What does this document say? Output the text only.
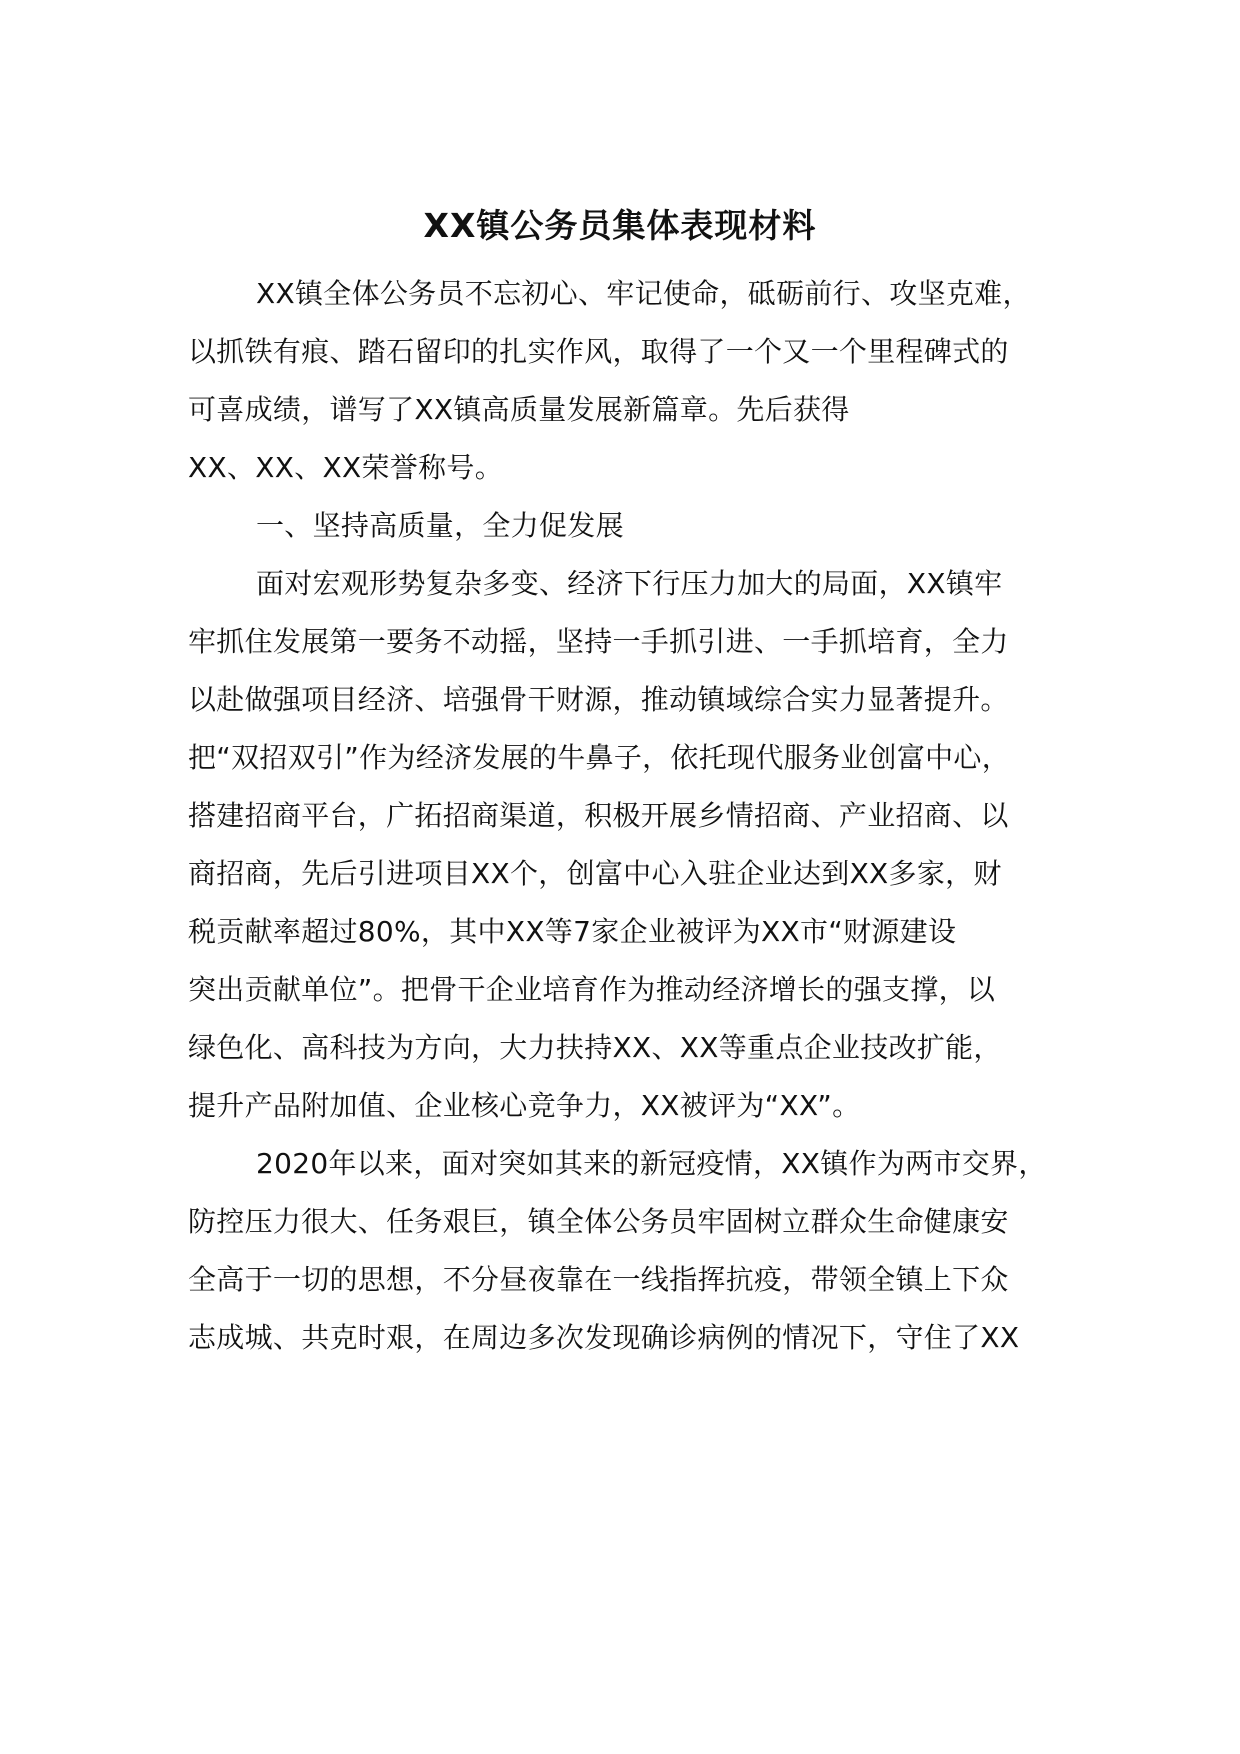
XX镇公务员集体表现材料
XX镇全体公务员不忘初心、牢记使命，砥砺前行、攻坚克难，
以抓铁有痕、踏石留印的扎实作风，取得了一个又一个里程碑式的
可喜成绩，谱写了XX镇高质量发展新篇章。先后获得
XX、XX、XX荣誉称号。
一、坚持高质量，全力促发展
面对宏观形势复杂多变、经济下行压力加大的局面，XX镇牢
牢抓住发展第一要务不动摇，坚持一手抓引进、一手抓培育，全力
以赴做强项目经济、培强骨干财源，推动镇域综合实力显著提升。
把“双招双引”作为经济发展的牛鼻子，依托现代服务业创富中心，
搭建招商平台，广拓招商渠道，积极开展乡情招商、产业招商、以
商招商，先后引进项目XX个，创富中心入驻企业达到XX多家，财
税贡献率超过80%，其中XX等7家企业被评为XX市“财源建设
突出贡献单位”。把骨干企业培育作为推动经济增长的强支撑，以
绿色化、高科技为方向，大力扶持XX、XX等重点企业技改扩能，
提升产品附加值、企业核心竞争力，XX被评为“XX”。
2020年以来，面对突如其来的新冠疫情，XX镇作为两市交界，
防控压力很大、任务艰巨，镇全体公务员牢固树立群众生命健康安
全高于一切的思想，不分昼夜靠在一线指挥抗疫，带领全镇上下众
志成城、共克时艰，在周边多次发现确诊病例的情况下，守住了XX
